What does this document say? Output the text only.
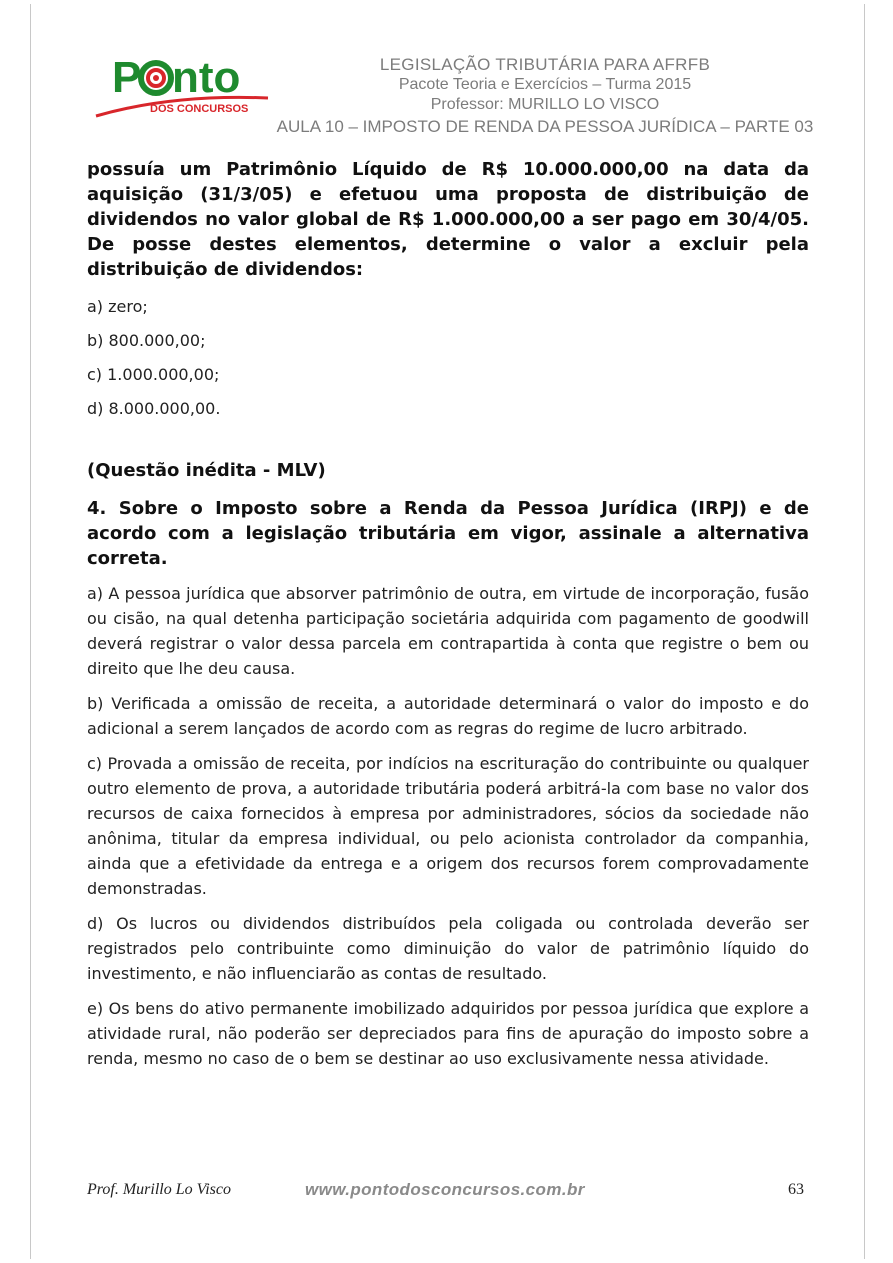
P nto
DOS CONCURSOS
LEGISLAÇÃO TRIBUTÁRIA PARA AFRFB
Pacote Teoria e Exercícios – Turma 2015
Professor: MURILLO LO VISCO
AULA 10 – IMPOSTO DE RENDA DA PESSOA JURÍDICA – PARTE 03

possuía um Patrimônio Líquido de R$ 10.000.000,00 na data da aquisição (31/3/05) e efetuou uma proposta de distribuição de dividendos no valor global de R$ 1.000.000,00 a ser pago em 30/4/05. De posse destes elementos, determine o valor a excluir pela distribuição de dividendos:

a) zero;

b) 800.000,00;

c) 1.000.000,00;

d) 8.000.000,00.

(Questão inédita - MLV)

4. Sobre o Imposto sobre a Renda da Pessoa Jurídica (IRPJ) e de acordo com a legislação tributária em vigor, assinale a alternativa correta.

a) A pessoa jurídica que absorver patrimônio de outra, em virtude de incorporação, fusão ou cisão, na qual detenha participação societária adquirida com pagamento de goodwill deverá registrar o valor dessa parcela em contrapartida à conta que registre o bem ou direito que lhe deu causa.

b) Verificada a omissão de receita, a autoridade determinará o valor do imposto e do adicional a serem lançados de acordo com as regras do regime de lucro arbitrado.

c) Provada a omissão de receita, por indícios na escrituração do contribuinte ou qualquer outro elemento de prova, a autoridade tributária poderá arbitrá-la com base no valor dos recursos de caixa fornecidos à empresa por administradores, sócios da sociedade não anônima, titular da empresa individual, ou pelo acionista controlador da companhia, ainda que a efetividade da entrega e a origem dos recursos forem comprovadamente demonstradas.

d) Os lucros ou dividendos distribuídos pela coligada ou controlada deverão ser registrados pelo contribuinte como diminuição do valor de patrimônio líquido do investimento, e não influenciarão as contas de resultado.

e) Os bens do ativo permanente imobilizado adquiridos por pessoa jurídica que explore a atividade rural, não poderão ser depreciados para fins de apuração do imposto sobre a renda, mesmo no caso de o bem se destinar ao uso exclusivamente nessa atividade.

Prof. Murillo Lo Visco	www.pontodosconcursos.com.br	63
